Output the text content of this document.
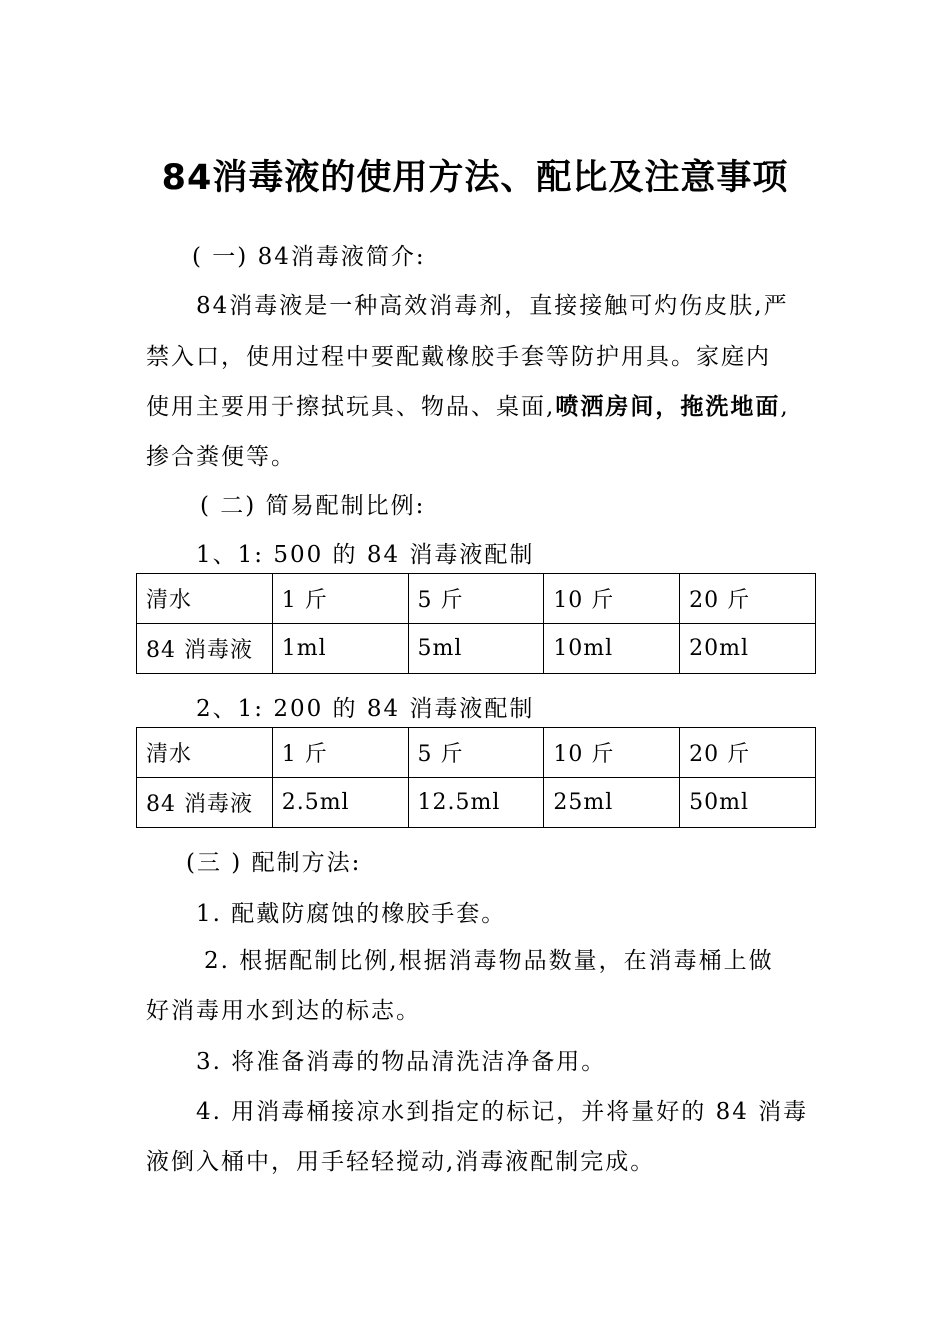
84消毒液的使用方法、配比及注意事项
( 一) 84消毒液简介:
84消毒液是一种高效消毒剂，直接接触可灼伤皮肤,严
禁入口，使用过程中要配戴橡胶手套等防护用具。家庭内
使用主要用于擦拭玩具、物品、桌面,喷洒房间，拖洗地面,
掺合粪便等。
( 二) 简易配制比例:
1、1: 500 的 84 消毒液配制
清水	1 斤	5 斤	10 斤	20 斤
84 消毒液	1ml	5ml	10ml	20ml
2、1: 200 的 84 消毒液配制
清水	1 斤	5 斤	10 斤	20 斤
84 消毒液	2.5ml	12.5ml	25ml	50ml
(三 ) 配制方法:
1. 配戴防腐蚀的橡胶手套。
2. 根据配制比例,根据消毒物品数量，在消毒桶上做
好消毒用水到达的标志。
3. 将准备消毒的物品清洗洁净备用。
4. 用消毒桶接凉水到指定的标记，并将量好的 84 消毒
液倒入桶中，用手轻轻搅动,消毒液配制完成。
